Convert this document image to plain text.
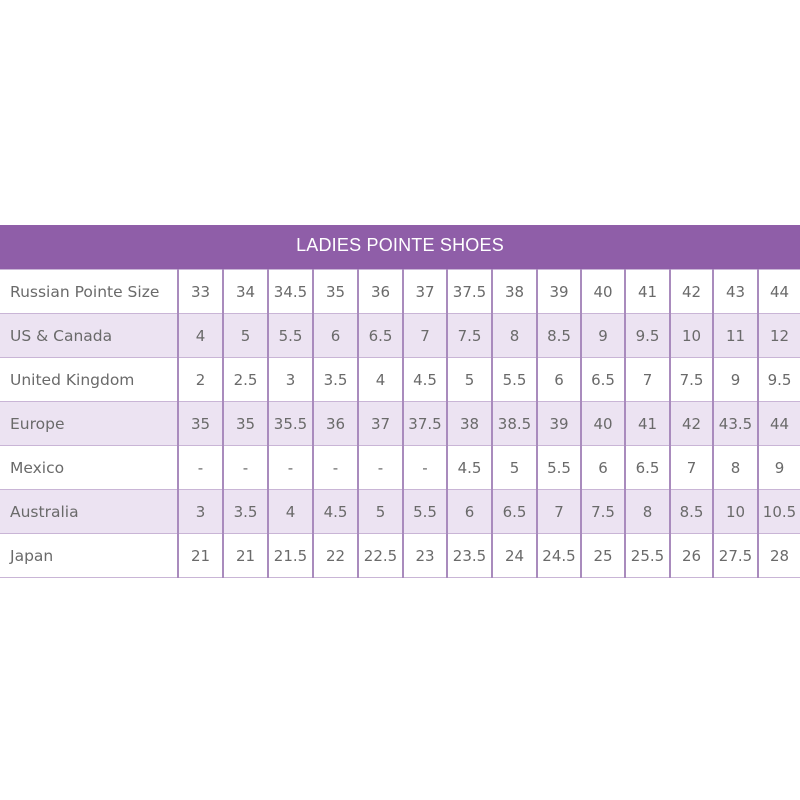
LADIES POINTE SHOES
Russian Pointe Size	33	34	34.5	35	36	37	37.5	38	39	40	41	42	43	44
US & Canada	4	5	5.5	6	6.5	7	7.5	8	8.5	9	9.5	10	11	12
United Kingdom	2	2.5	3	3.5	4	4.5	5	5.5	6	6.5	7	7.5	9	9.5
Europe	35	35	35.5	36	37	37.5	38	38.5	39	40	41	42	43.5	44
Mexico	-	-	-	-	-	-	4.5	5	5.5	6	6.5	7	8	9
Australia	3	3.5	4	4.5	5	5.5	6	6.5	7	7.5	8	8.5	10	10.5
Japan	21	21	21.5	22	22.5	23	23.5	24	24.5	25	25.5	26	27.5	28
